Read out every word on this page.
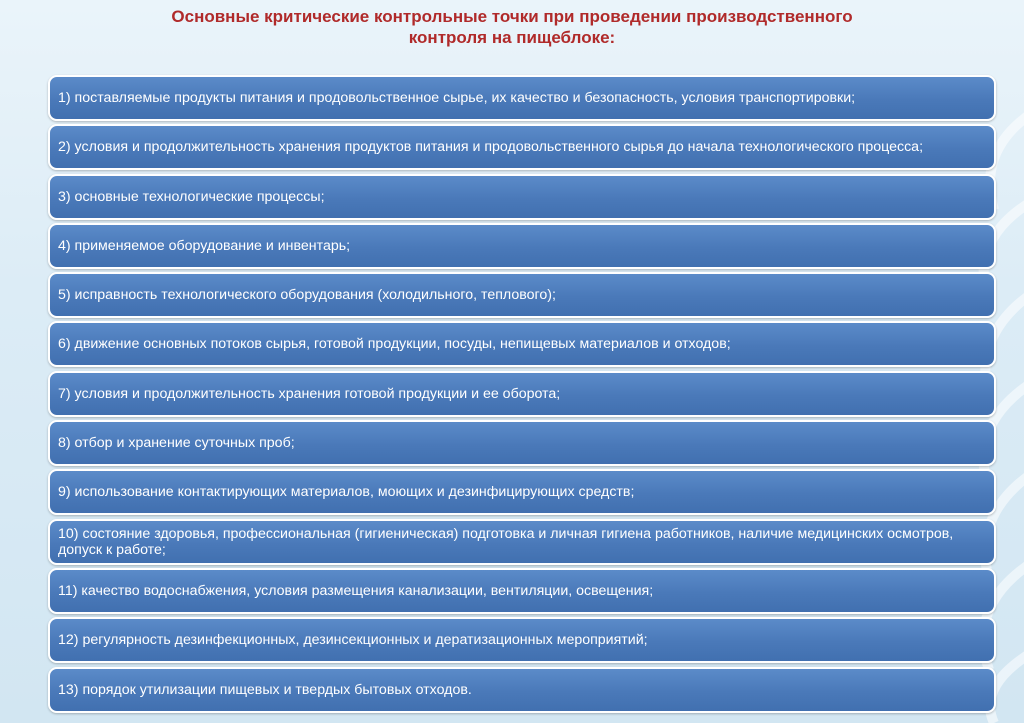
Основные критические контрольные точки при проведении производственного
контроля на пищеблоке:
1) поставляемые продукты питания и продовольственное сырье, их качество и безопасность, условия транспортировки;
2) условия и продолжительность хранения продуктов питания и продовольственного сырья до начала технологического процесса;
3) основные технологические процессы;
4) применяемое оборудование и инвентарь;
5) исправность технологического оборудования (холодильного, теплового);
6) движение основных потоков сырья, готовой продукции, посуды, непищевых материалов и отходов;
7) условия и продолжительность хранения готовой продукции и ее оборота;
8) отбор и хранение суточных проб;
9) использование контактирующих материалов, моющих и дезинфицирующих средств;
10) состояние здоровья, профессиональная (гигиеническая) подготовка и личная гигиена работников, наличие медицинских осмотров, допуск к работе;
11) качество водоснабжения, условия размещения канализации, вентиляции, освещения;
12) регулярность дезинфекционных, дезинсекционных и дератизационных мероприятий;
13) порядок утилизации пищевых и твердых бытовых отходов.
